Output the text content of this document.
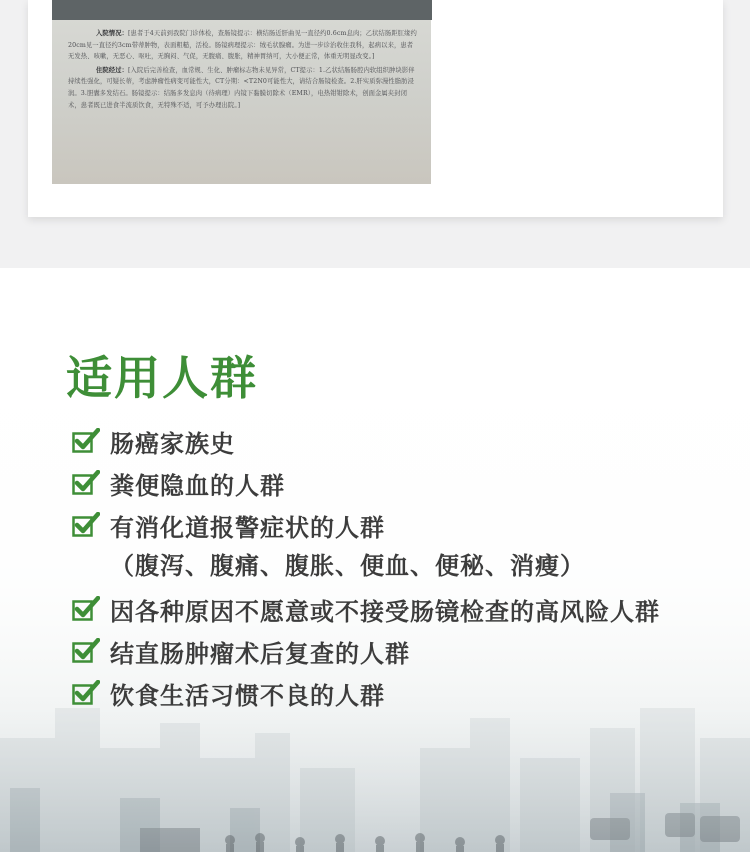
入院情况：[患者于4天前到我院门诊体检，查肠镜提示：横结肠近肝曲见一直径约0.6cm息肉；乙状结肠距肛缘约20cm见一直径约3cm带蒂肿物，表面粗糙，活检。肠镜病理提示：绒毛状腺瘤。为进一步诊治收住我科，起病以来，患者无发热、咳嗽，无恶心、呕吐，无胸闷、气促，无腹痛、腹胀，精神胃纳可，大小便正常，体重无明显改变。]

住院经过：[入院后完善检查，血常规、生化、肿瘤标志物未见异常，CT提示：1.乙状结肠肠腔内软组织肿块影伴持续性强化，可疑长蒂，考虑肿瘤性病变可能性大，CT分期：<T2N0可能性大，请结合肠镜检查。2.肝实质弥漫性脂肪浸润。3.胆囊多发结石。肠镜提示：结肠多发息肉（待病理）内镜下黏膜切除术（EMR），电热钳钳除术，创面金属夹封闭术，患者既已进食半流质饮食，无特殊不适，可予办理出院。]

适用人群
肠癌家族史
粪便隐血的人群
有消化道报警症状的人群
（腹泻、腹痛、腹胀、便血、便秘、消瘦）
因各种原因不愿意或不接受肠镜检查的高风险人群
结直肠肿瘤术后复查的人群
饮食生活习惯不良的人群
